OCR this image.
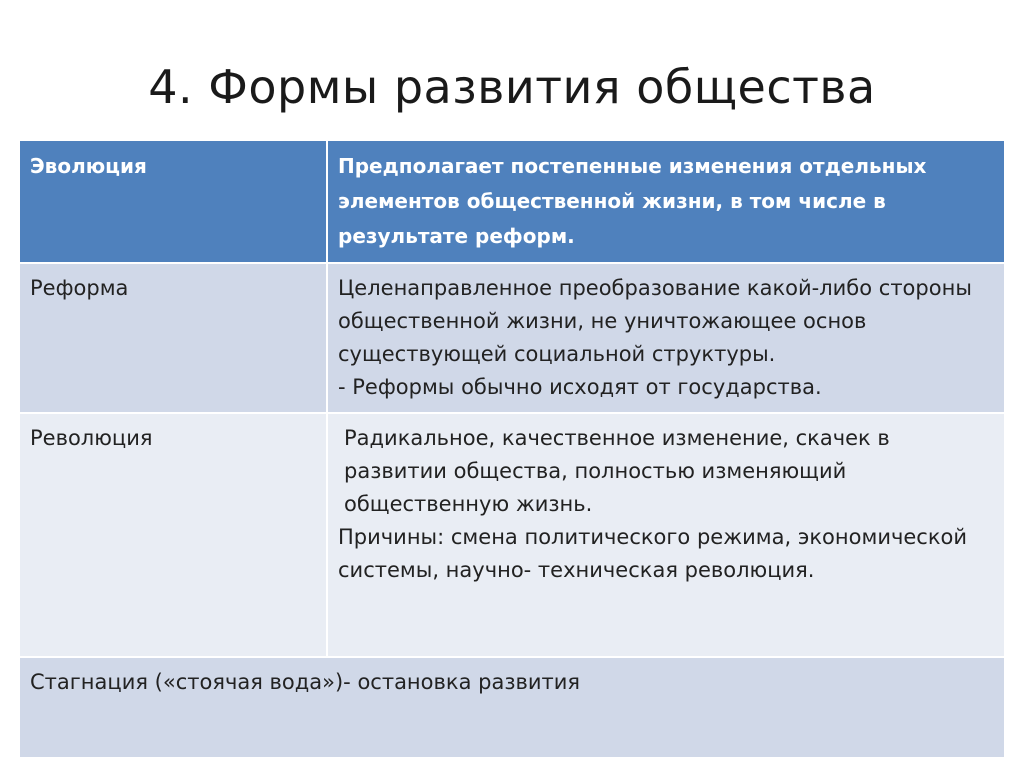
4. Формы развития общества
Эволюция	Предполагает постепенные изменения отдельных элементов общественной жизни, в том числе в результате реформ.

Реформа	Целенаправленное преобразование какой-либо стороны общественной жизни, не уничтожающее основ существующей социальной структуры.
- Реформы обычно исходят от государства.

Революция	Радикальное, качественное изменение, скачек в развитии общества, полностью изменяющий общественную жизнь.
Причины: смена политического режима, экономической системы, научно- техническая революция.

Стагнация («стоячая вода»)- остановка развития	
